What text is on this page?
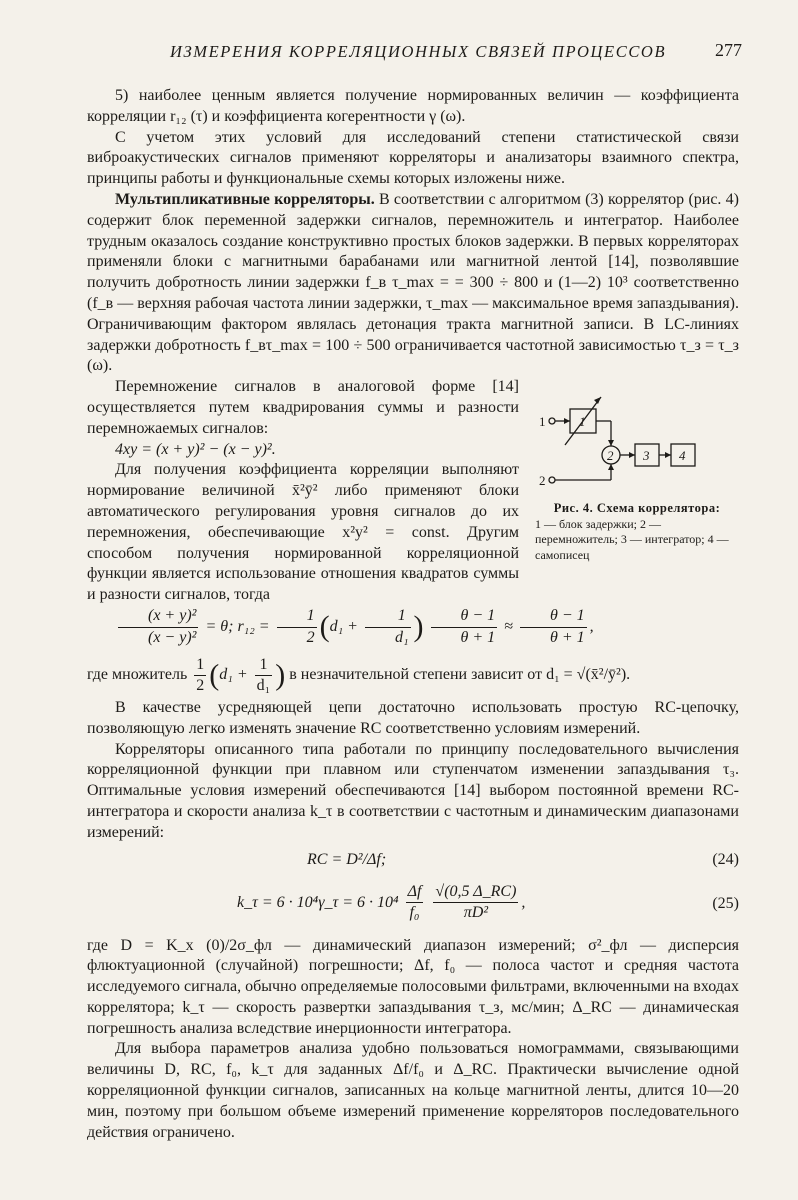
ИЗМЕРЕНИЯ КОРРЕЛЯЦИОННЫХ СВЯЗЕЙ ПРОЦЕССОВ	277

5) наиболее ценным является получение нормированных величин — коэффициента корреляции r₁₂ (τ) и коэффициента когерентности γ (ω).

С учетом этих условий для исследований степени статистической связи виброакустических сигналов применяют корреляторы и анализаторы взаимного спектра, принципы работы и функциональные схемы которых изложены ниже.

Мультипликативные корреляторы. В соответствии с алгоритмом (3) коррелятор (рис. 4) содержит блок переменной задержки сигналов, перемножитель и интегратор. Наиболее трудным оказалось создание конструктивно простых блоков задержки. В первых корреляторах применяли блоки с магнитными барабанами или магнитной лентой [14], позволявшие получить добротность линии задержки f_в τ_max = = 300 ÷ 800 и (1—2) 10³ соответственно (f_в — верхняя рабочая частота линии задержки, τ_max — максимальное время запаздывания). Ограничивающим фактором являлась детонация тракта магнитной записи. В LC-линиях задержки добротность f_вτ_max = 100 ÷ 500 ограничивается частотной зависимостью τ_з = τ_з (ω).

1
2
1
2 3 4
Рис. 4. Схема коррелятора:
1 — блок задержки; 2 — перемножитель; 3 — интегратор; 4 — самописец

Перемножение сигналов в аналоговой форме [14] осуществляется путем квадрирования суммы и разности перемножаемых сигналов:

4xy = (x + y)² − (x − y)².

Для получения коэффициента корреляции выполняют нормирование величиной x̄²ȳ² либо применяют блоки автоматического регулирования уровня сигналов до их перемножения, обеспечивающие x²y² = const. Другим способом получения нормированной корреляционной функции является использование отношения квадратов суммы и разности сигналов, тогда

$\frac{\text{(x + y)²}}{\text{(x − y)²}} = \theta$; $r_{12} = \frac{1}{2} (d_1 + \frac{1}{\text{d₁}}$ ) $\frac{\theta - 1}{\theta + 1} \approx \frac{\theta - 1}{\theta + 1}$ ,

где множитель $\frac{1}{2} (d_1 + \frac{1}{\text{d₁}}$ ) в незначительной степени зависит от d₁ = √(x̄²/ȳ²).

В качестве усредняющей цепи достаточно использовать простую RC-цепочку, позволяющую легко изменять значение RC соответственно условиям измерений.

Корреляторы описанного типа работали по принципу последовательного вычисления корреляционной функции при плавном или ступенчатом изменении запаздывания τ₃. Оптимальные условия измерений обеспечиваются [14] выбором постоянной времени RC-интегратора и скорости анализа k_τ в соответствии с частотным и динамическим диапазонами измерений:

RC = D²/Δf;	(24)
k_τ = 6 · 10⁴γ_τ = $6 \cdot 10^4 \frac{\Delta f}{\text{f₀}}$
$\frac{√(0,5 \Delta\_RC)}{\text{πD²}}$ ,	(25)

где D = K_x (0)/2σ_фл — динамический диапазон измерений; σ²_фл — дисперсия флюктуационной (случайной) погрешности; Δf, f₀ — полоса частот и средняя частота исследуемого сигнала, обычно определяемые полосовыми фильтрами, включенными на входах коррелятора; k_τ — скорость развертки запаздывания τ_з, мс/мин; Δ_RC — динамическая погрешность анализа вследствие инерционности интегратора.

Для выбора параметров анализа удобно пользоваться номограммами, связывающими величины D, RC, f₀, k_τ для заданных Δf/f₀ и Δ_RC. Практически вычисление одной корреляционной функции сигналов, записанных на кольце магнитной ленты, длится 10—20 мин, поэтому при большом объеме измерений применение корреляторов последовательного действия ограничено.
